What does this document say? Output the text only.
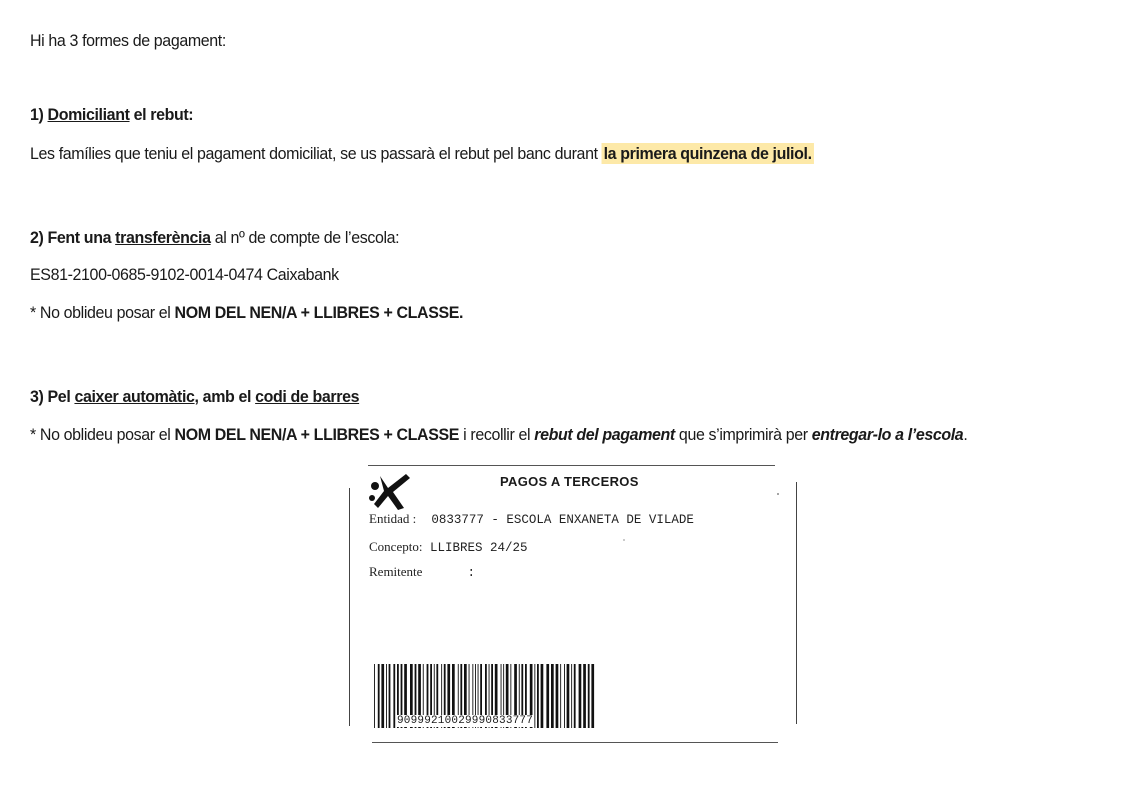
Hi ha 3 formes de pagament:
1) Domiciliant el rebut:
Les famílies que teniu el pagament domiciliat, se us passarà el rebut pel banc durant la primera quinzena de juliol.
2) Fent una transferència al nº de compte de l’escola:
ES81-2100-0685-9102-0014-0474 Caixabank
* No oblideu posar el NOM DEL NEN/A + LLIBRES + CLASSE.
3) Pel caixer automàtic, amb el codi de barres
* No oblideu posar el NOM DEL NEN/A + LLIBRES + CLASSE i recollir el rebut del pagament que s’imprimirà per entregar-lo a l’escola.
PAGOS A TERCEROS
Entidad : 0833777 - ESCOLA ENXANETA DE VILADE
Concepto: LLIBRES 24/25
Remitente	:
90999210029990833777
